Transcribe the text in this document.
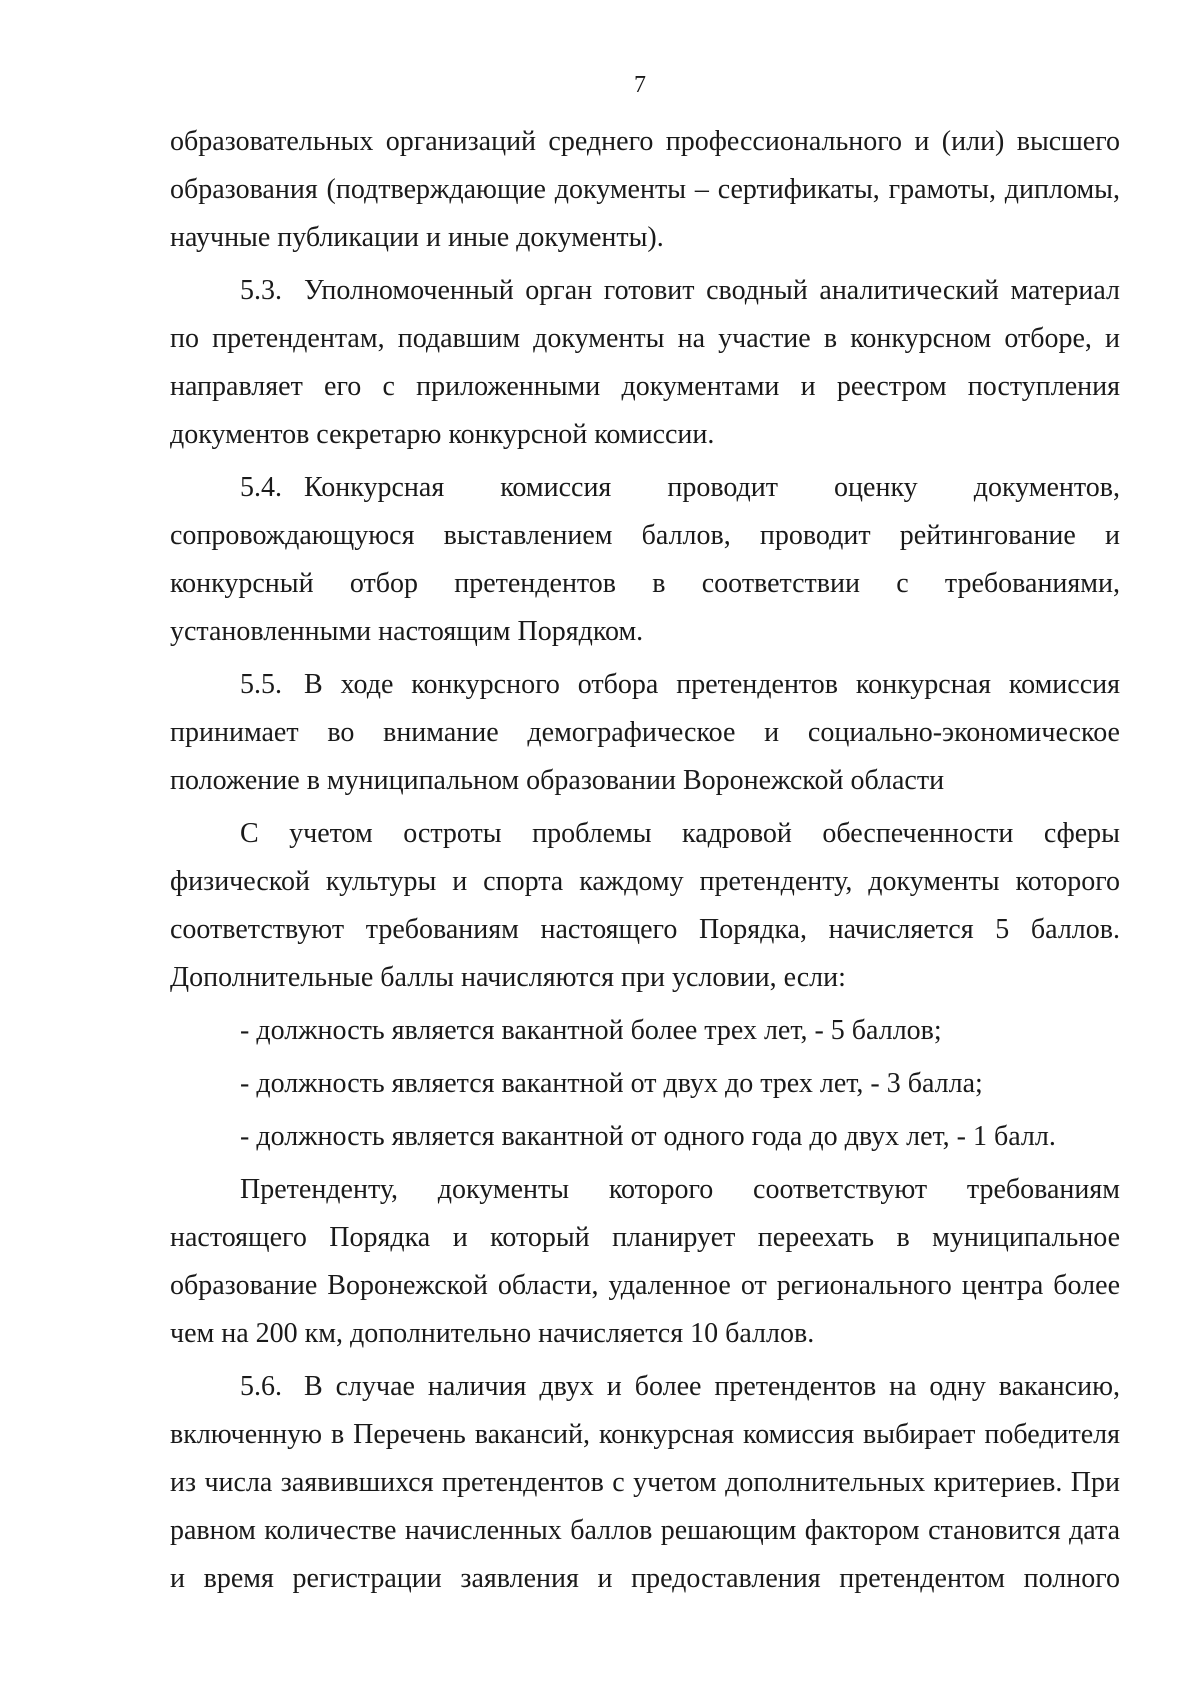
7

образовательных организаций среднего профессионального и (или) высшего образования (подтверждающие документы – сертификаты, грамоты, дипломы, научные публикации и иные документы).

5.3. Уполномоченный орган готовит сводный аналитический материал по претендентам, подавшим документы на участие в конкурсном отборе, и направляет его с приложенными документами и реестром поступления документов секретарю конкурсной комиссии.

5.4. Конкурсная комиссия проводит оценку документов, сопровождающуюся выставлением баллов, проводит рейтингование и конкурсный отбор претендентов в соответствии с требованиями, установленными настоящим Порядком.

5.5. В ходе конкурсного отбора претендентов конкурсная комиссия принимает во внимание демографическое и социально-экономическое положение в муниципальном образовании Воронежской области

С учетом остроты проблемы кадровой обеспеченности сферы физической культуры и спорта каждому претенденту, документы которого соответствуют требованиям настоящего Порядка, начисляется 5 баллов. Дополнительные баллы начисляются при условии, если:

- должность является вакантной более трех лет, - 5 баллов;

- должность является вакантной от двух до трех лет, - 3 балла;

- должность является вакантной от одного года до двух лет, - 1 балл.

Претенденту, документы которого соответствуют требованиям настоящего Порядка и который планирует переехать в муниципальное образование Воронежской области, удаленное от регионального центра более чем на 200 км, дополнительно начисляется 10 баллов.

5.6. В случае наличия двух и более претендентов на одну вакансию, включенную в Перечень вакансий, конкурсная комиссия выбирает победителя из числа заявившихся претендентов с учетом дополнительных критериев. При равном количестве начисленных баллов решающим фактором становится дата и время регистрации заявления и предоставления претендентом полного
